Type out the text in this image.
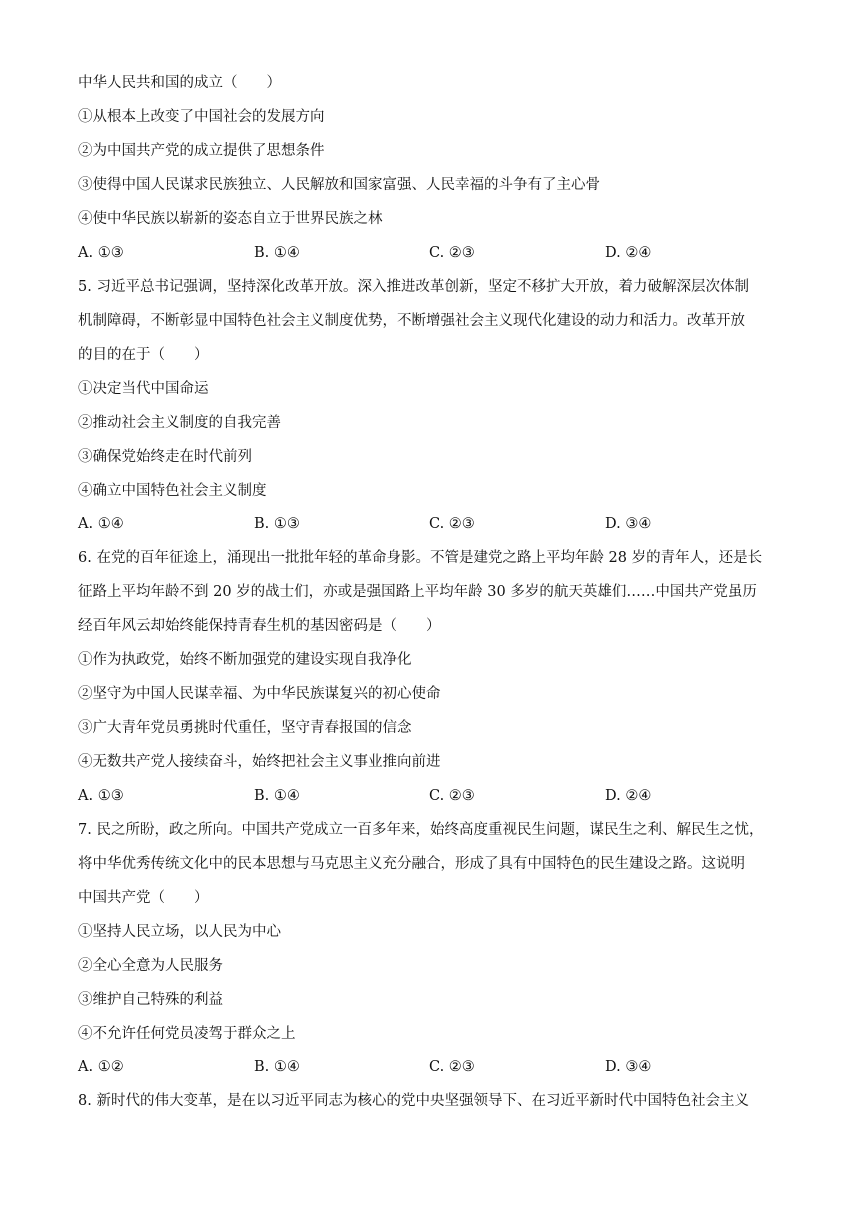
中华人民共和国的成立（　　）
①从根本上改变了中国社会的发展方向
②为中国共产党的成立提供了思想条件
③使得中国人民谋求民族独立、人民解放和国家富强、人民幸福的斗争有了主心骨
④使中华民族以崭新的姿态自立于世界民族之林
A. ①③	B. ①④	C. ②③	D. ②④
5. 习近平总书记强调，坚持深化改革开放。深入推进改革创新，坚定不移扩大开放，着力破解深层次体制
机制障碍，不断彰显中国特色社会主义制度优势，不断增强社会主义现代化建设的动力和活力。改革开放
的目的在于（　　）
①决定当代中国命运
②推动社会主义制度的自我完善
③确保党始终走在时代前列
④确立中国特色社会主义制度
A. ①④	B. ①③	C. ②③	D. ③④
6. 在党的百年征途上，涌现出一批批年轻的革命身影。不管是建党之路上平均年龄 28 岁的青年人，还是长
征路上平均年龄不到 20 岁的战士们，亦或是强国路上平均年龄 30 多岁的航天英雄们……中国共产党虽历
经百年风云却始终能保持青春生机的基因密码是（　　）
①作为执政党，始终不断加强党的建设实现自我净化
②坚守为中国人民谋幸福、为中华民族谋复兴的初心使命
③广大青年党员勇挑时代重任，坚守青春报国的信念
④无数共产党人接续奋斗，始终把社会主义事业推向前进
A. ①③	B. ①④	C. ②③	D. ②④
7. 民之所盼，政之所向。中国共产党成立一百多年来，始终高度重视民生问题，谋民生之利、解民生之忧，
将中华优秀传统文化中的民本思想与马克思主义充分融合，形成了具有中国特色的民生建设之路。这说明
中国共产党（　　）
①坚持人民立场，以人民为中心
②全心全意为人民服务
③维护自己特殊的利益
④不允许任何党员凌驾于群众之上
A. ①②	B. ①④	C. ②③	D. ③④
8. 新时代的伟大变革，是在以习近平同志为核心的党中央坚强领导下、在习近平新时代中国特色社会主义
